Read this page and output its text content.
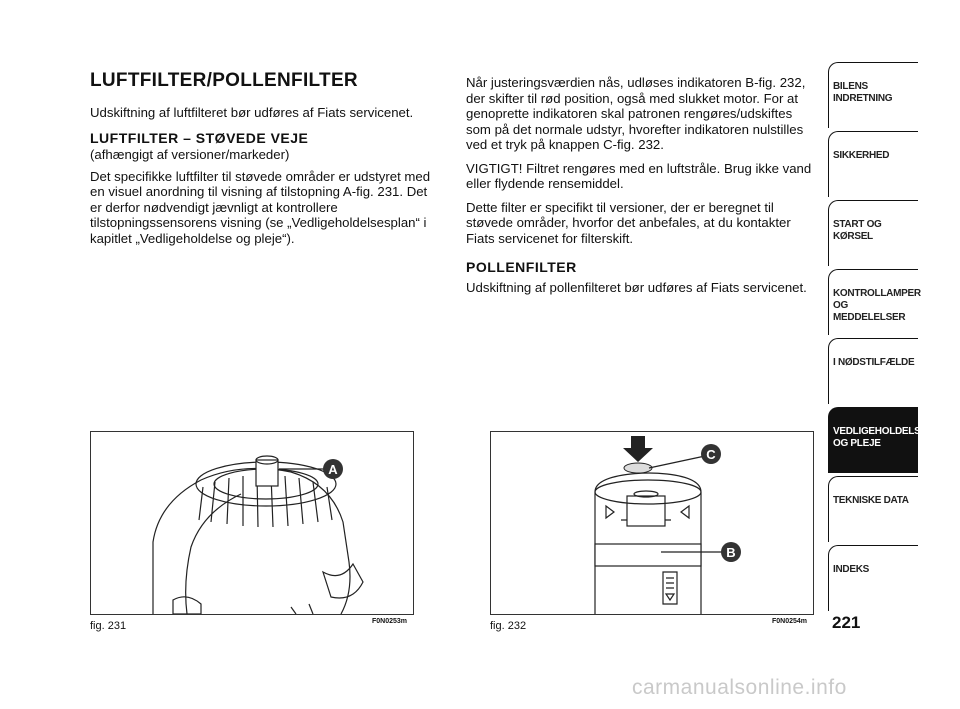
LUFTFILTER/POLLENFILTER

Udskiftning af luftfilteret bør udføres af Fiats servicenet.

LUFTFILTER – STØVEDE VEJE

(afhængigt af versioner/markeder)

Det specifikke luftfilter til støvede områder er udstyret med en visuel anordning til visning af tilstopning A-fig. 231. Det er derfor nødvendigt jævnligt at kontrollere tilstopningssensorens visning (se „Vedligeholdelsesplan“ i kapitlet „Vedligeholdelse og pleje“).

Når justeringsværdien nås, udløses indikatoren B-fig. 232, der skifter til rød position, også med slukket motor. For at genoprette indikatoren skal patronen rengøres/udskiftes som på det normale udstyr, hvorefter indikatoren nulstilles ved et tryk på knappen C-fig. 232.

VIGTIGT! Filtret rengøres med en luftstråle. Brug ikke vand eller flydende rensemiddel.

Dette filter er specifikt til versioner, der er beregnet til støvede områder, hvorfor det anbefales, at du kontakter Fiats servicenet for filterskift.

POLLENFILTER

Udskiftning af pollenfilteret bør udføres af Fiats servicenet.

A
C
B
fig. 231	F0N0253m	fig. 232	F0N0254m
BILENS INDRETNING
SIKKERHED
START OG KØRSEL
KONTROLLAMPER OG MEDDELELSER
I NØDSTILFÆLDE
VEDLIGEHOLDELSE OG PLEJE
TEKNISKE DATA
INDEKS
221
carmanualsonline.info
